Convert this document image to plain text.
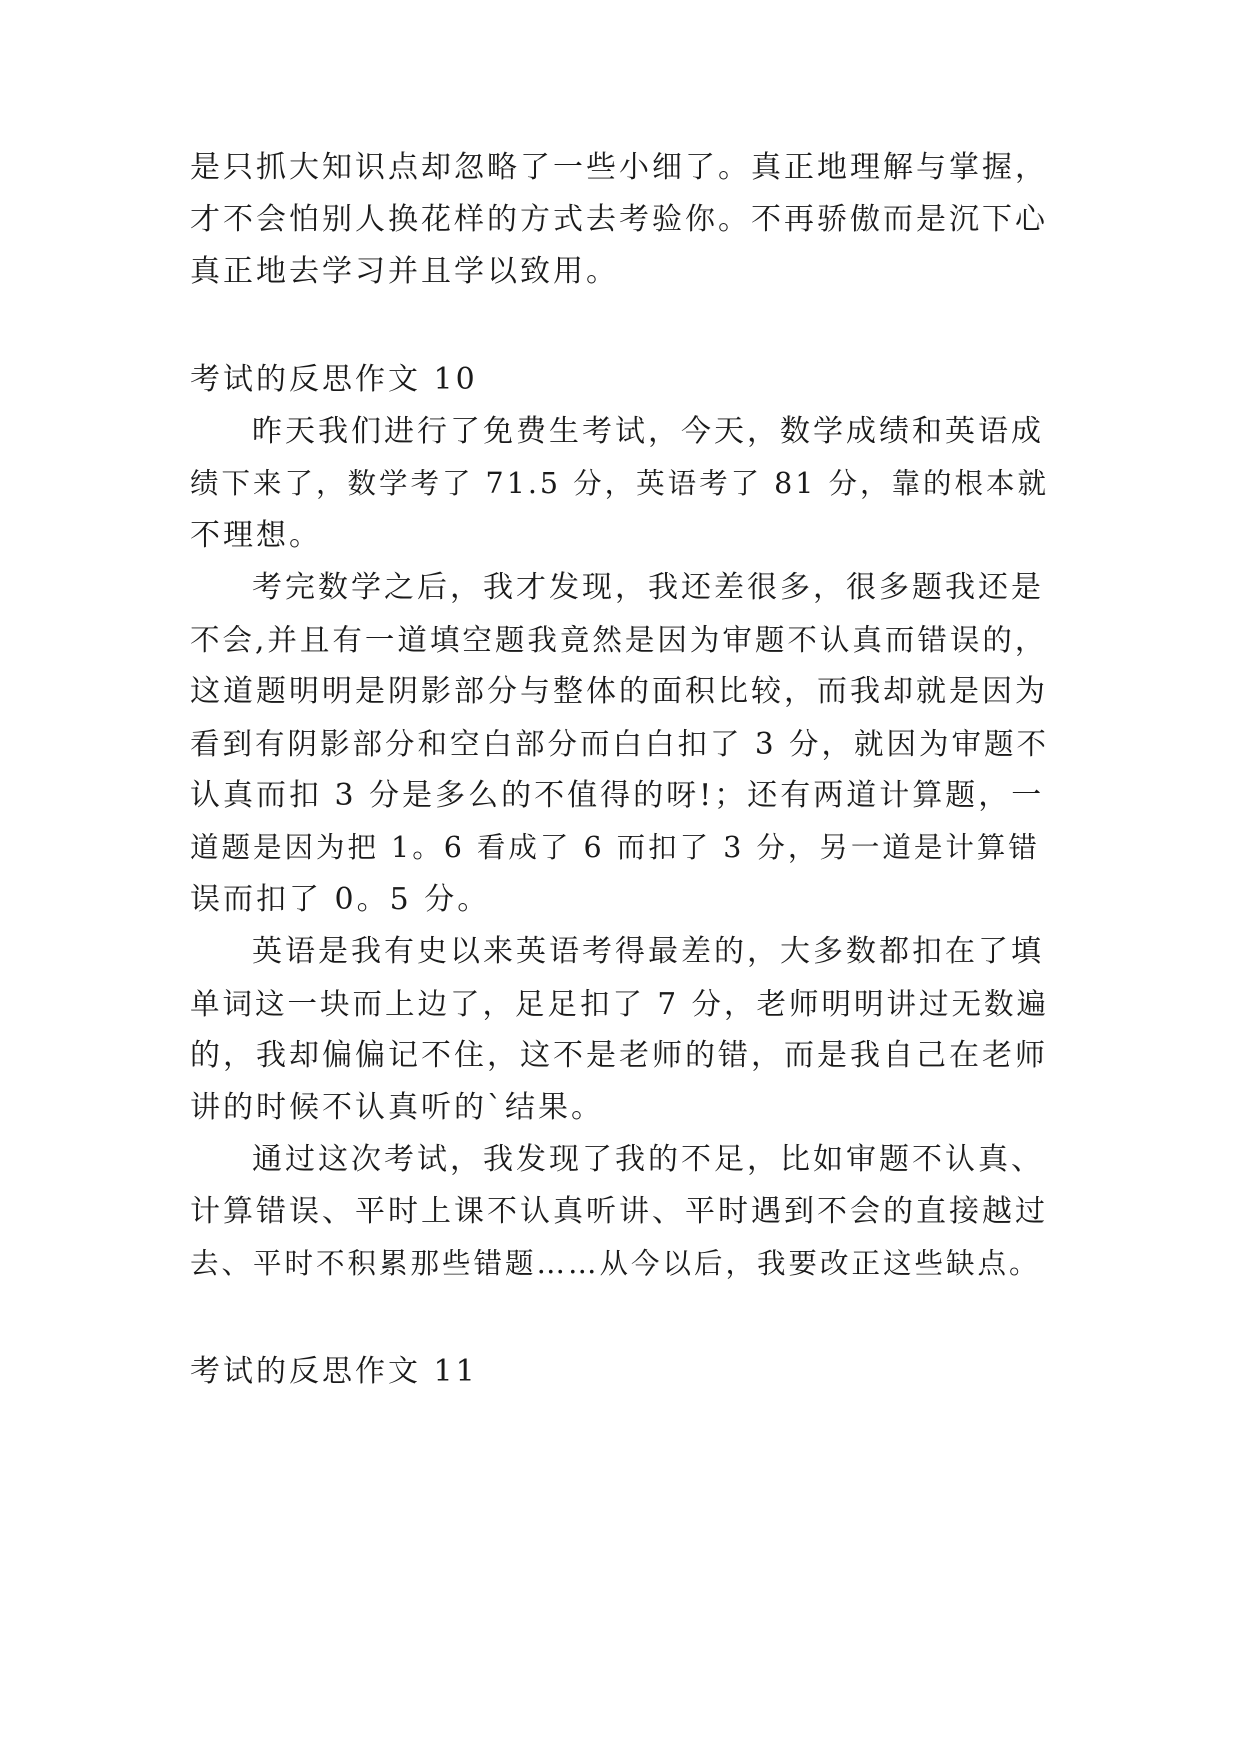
是只抓大知识点却忽略了一些小细了。真正地理解与掌握，
才不会怕别人换花样的方式去考验你。不再骄傲而是沉下心
真正地去学习并且学以致用。
考试的反思作文 10
昨天我们进行了免费生考试，今天，数学成绩和英语成
绩下来了，数学考了 71.5 分，英语考了 81 分，靠的根本就
不理想。
考完数学之后，我才发现，我还差很多，很多题我还是
不会,并且有一道填空题我竟然是因为审题不认真而错误的，
这道题明明是阴影部分与整体的面积比较，而我却就是因为
看到有阴影部分和空白部分而白白扣了 3 分，就因为审题不
认真而扣 3 分是多么的不值得的呀!；还有两道计算题，一
道题是因为把 1。6 看成了 6 而扣了 3 分，另一道是计算错
误而扣了 0。5 分。
英语是我有史以来英语考得最差的，大多数都扣在了填
单词这一块而上边了，足足扣了 7 分，老师明明讲过无数遍
的，我却偏偏记不住，这不是老师的错，而是我自己在老师
讲的时候不认真听的`结果。
通过这次考试，我发现了我的不足，比如审题不认真、
计算错误、平时上课不认真听讲、平时遇到不会的直接越过
去、平时不积累那些错题……从今以后，我要改正这些缺点。
考试的反思作文 11
